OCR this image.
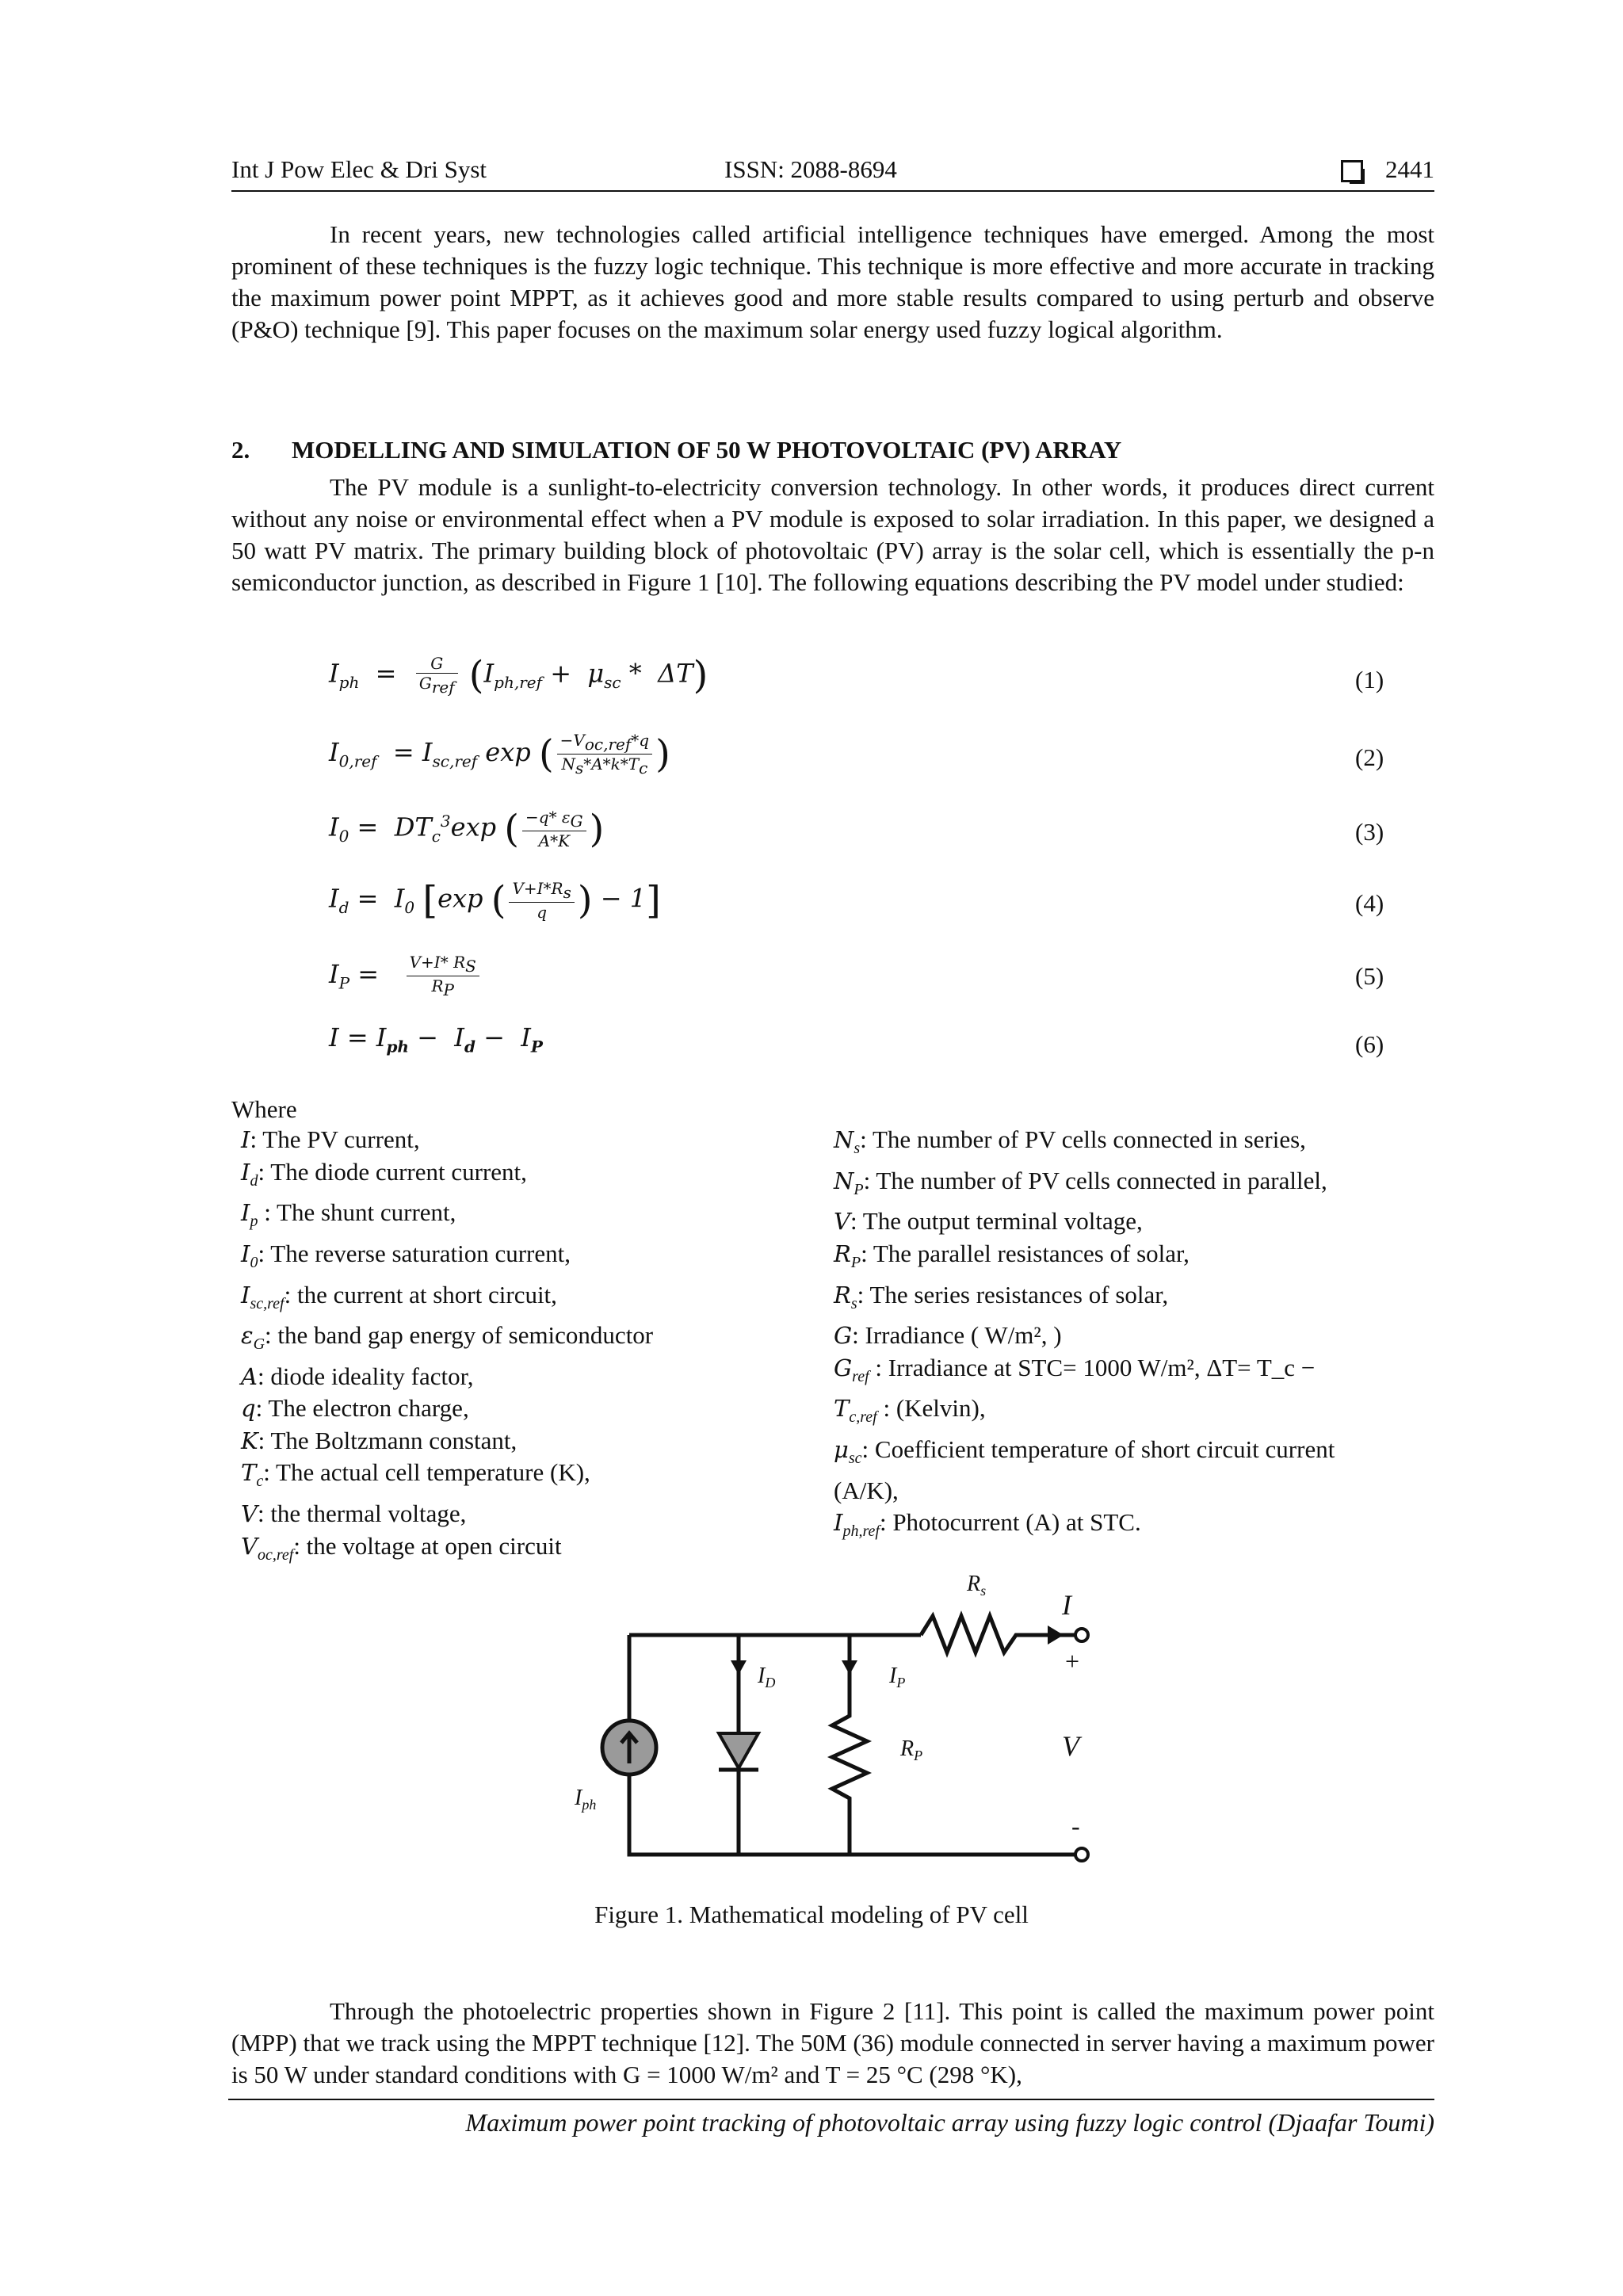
Int J Pow Elec & Dri Syst	ISSN: 2088-8694	2441
In recent years, new technologies called artificial intelligence techniques have emerged. Among the most prominent of these techniques is the fuzzy logic technique. This technique is more effective and more accurate in tracking the maximum power point MPPT, as it achieves good and more stable results compared to using perturb and observe (P&O) technique [9]. This paper focuses on the maximum solar energy used fuzzy logical algorithm.
2. MODELLING AND SIMULATION OF 50 W PHOTOVOLTAIC (PV) ARRAY
The PV module is a sunlight-to-electricity conversion technology. In other words, it produces direct current without any noise or environmental effect when a PV module is exposed to solar irradiation. In this paper, we designed a 50 watt PV matrix. The primary building block of photovoltaic (PV) array is the solar cell, which is essentially the p-n semiconductor junction, as described in Figure 1 [10]. The following equations describing the PV model under studied:
$I_{ph} = \frac{G}{G_{ref}} (I_{ph,ref} + \mu_{sc} * \Delta T)$	(1)
$I_{0,ref} = I_{sc,ref}$ exp ( $\frac{-V_{oc,ref}*q}{N_s*A*k*T_c}$ )	(2)
$I_0 = DT_c^3\exp$ ( $\frac{-q* \varepsilon_G}{A*K}$ )	(3)
$I_d = I_0$ [exp ( $\frac{V+I*R_s}{q}$ ) − 1]	(4)
$I_P = \frac{V+I* R_S}{R_P}$	(5)
$I = I_{ph} - I_d - I_P$	(6)
Where
I: The PV current,
$I_d$: The diode current current,
$I_p$ : The shunt current,
$I_0$: The reverse saturation current,
$I_{sc,ref}$: the current at short circuit,
$\varepsilon_G$: the band gap energy of semiconductor
A: diode ideality factor,
q: The electron charge,
K: The Boltzmann constant,
$T_c$: The actual cell temperature (K),
V: the thermal voltage,
$V_{oc,ref}$: the voltage at open circuit
$N_s$: The number of PV cells connected in series,
$N_P$: The number of PV cells connected in parallel,
V: The output terminal voltage,
$R_P$: The parallel resistances of solar,
$R_s$: The series resistances of solar,
G: Irradiance ( W/m², )
$G_{ref}$ : Irradiance at STC= 1000 W/m², ΔT= T_c −
$T_{c,ref}$ : (Kelvin),
$\mu_{sc}$: Coefficient temperature of short circuit current
(A/K),
$I_{ph,ref}$: Photocurrent (A) at STC.
$R_s$	I
$I_D$	$I_P$
$R_P$	V
$I_{ph}$
+
-
Figure 1. Mathematical modeling of PV cell
Through the photoelectric properties shown in Figure 2 [11]. This point is called the maximum power point (MPP) that we track using the MPPT technique [12]. The 50M (36) module connected in server having a maximum power is 50 W under standard conditions with G = 1000 W/m² and T = 25 °C (298 °K),
Maximum power point tracking of photovoltaic array using fuzzy logic control (Djaafar Toumi)
